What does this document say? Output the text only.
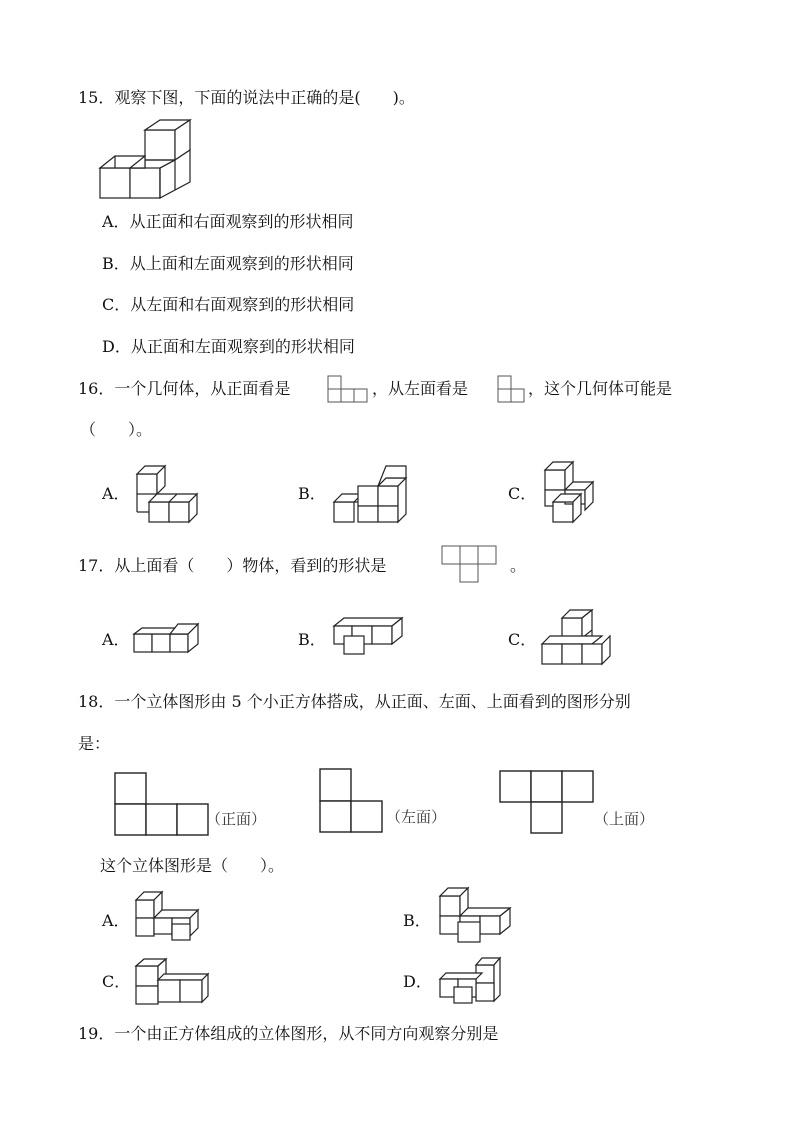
15．观察下图，下面的说法中正确的是(　　)。
A．从正面和右面观察到的形状相同
B．从上面和左面观察到的形状相同
C．从左面和右面观察到的形状相同
D．从正面和左面观察到的形状相同
16．一个几何体，从正面看是	，从左面看是	，这个几何体可能是
（　　）。
A．	B．	C．
17．从上面看（　　）物体，看到的形状是	。
A．	B．	C．
18．一个立体图形由 5 个小正方体搭成，从正面、左面、上面看到的图形分别
是：
（正面）	（左面）	（上面）
这个立体图形是（　　）。
A．	B．
C．	D．
19．一个由正方体组成的立体图形，从不同方向观察分别是
